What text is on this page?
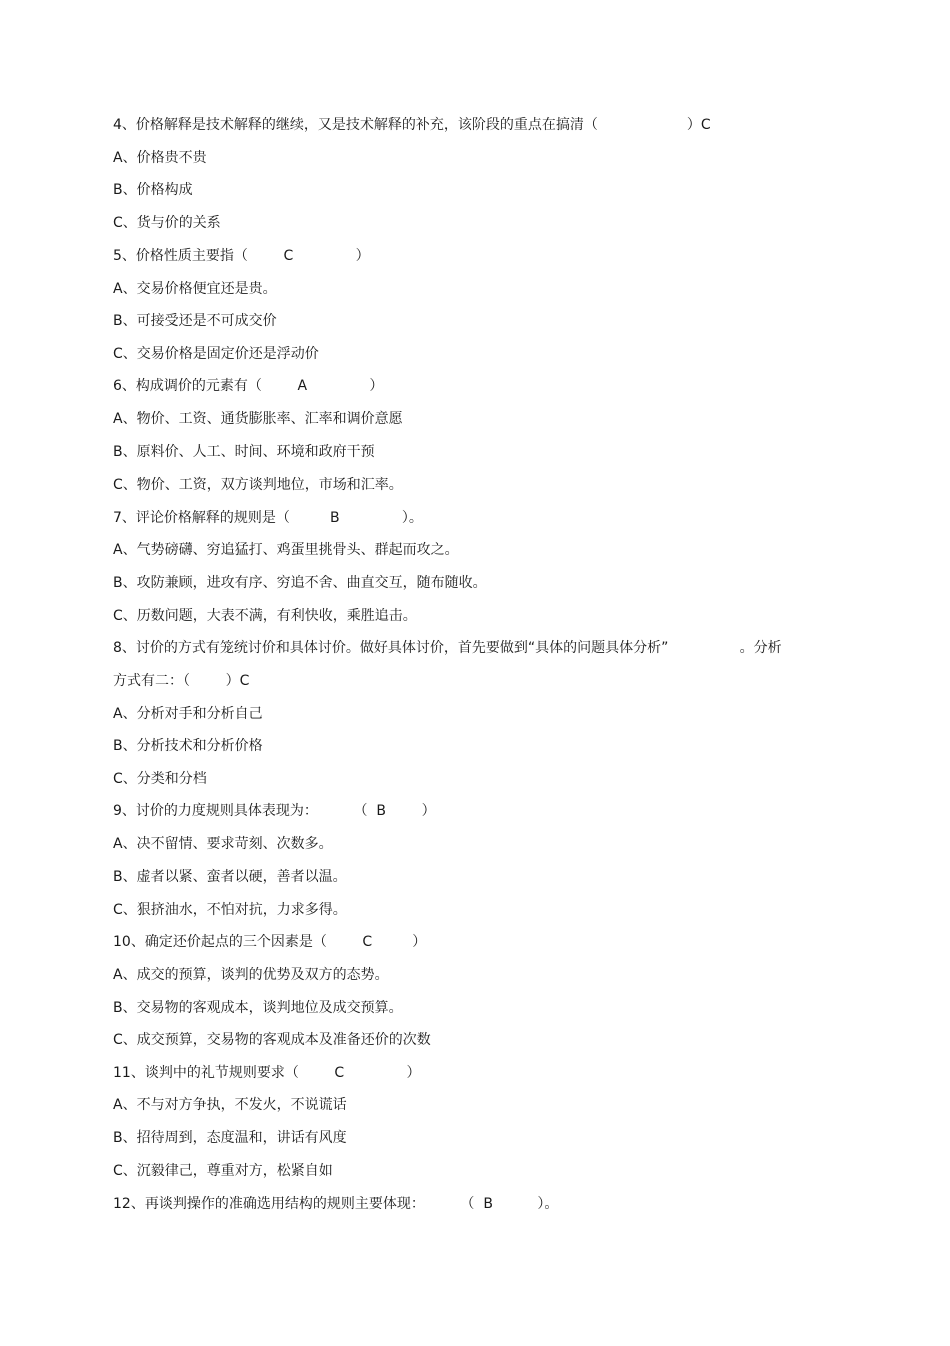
4、价格解释是技术解释的继续，又是技术解释的补充，该阶段的重点在搞清（                    ）C
A、价格贵不贵
B、价格构成
C、货与价的关系
5、价格性质主要指（        C              ）
A、交易价格便宜还是贵。
B、可接受还是不可成交价
C、交易价格是固定价还是浮动价
6、构成调价的元素有（        A              ）
A、物价、工资、通货膨胀率、汇率和调价意愿
B、原料价、人工、时间、环境和政府干预
C、物价、工资，双方谈判地位，市场和汇率。
7、评论价格解释的规则是（         B              ）。
A、气势磅礴、穷追猛打、鸡蛋里挑骨头、群起而攻之。
B、攻防兼顾，进攻有序、穷追不舍、曲直交互，随布随收。
C、历数问题，大表不满，有利快收，乘胜追击。
8、讨价的方式有笼统讨价和具体讨价。做好具体讨价，首先要做到“具体的问题具体分析”                。分析
方式有二：（        ）C
A、分析对手和分析自己
B、分析技术和分析价格
C、分类和分档
9、讨价的力度规则具体表现为：        （  B        ）
A、决不留情、要求苛刻、次数多。
B、虚者以紧、蛮者以硬，善者以温。
C、狠挤油水，不怕对抗，力求多得。
10、确定还价起点的三个因素是（        C         ）
A、成交的预算，谈判的优势及双方的态势。
B、交易物的客观成本，谈判地位及成交预算。
C、成交预算，交易物的客观成本及准备还价的次数
11、谈判中的礼节规则要求（        C              ）
A、不与对方争执，不发火，不说谎话
B、招待周到，态度温和，讲话有风度
C、沉毅律己，尊重对方，松紧自如
12、再谈判操作的准确选用结构的规则主要体现：        （  B          ）。
